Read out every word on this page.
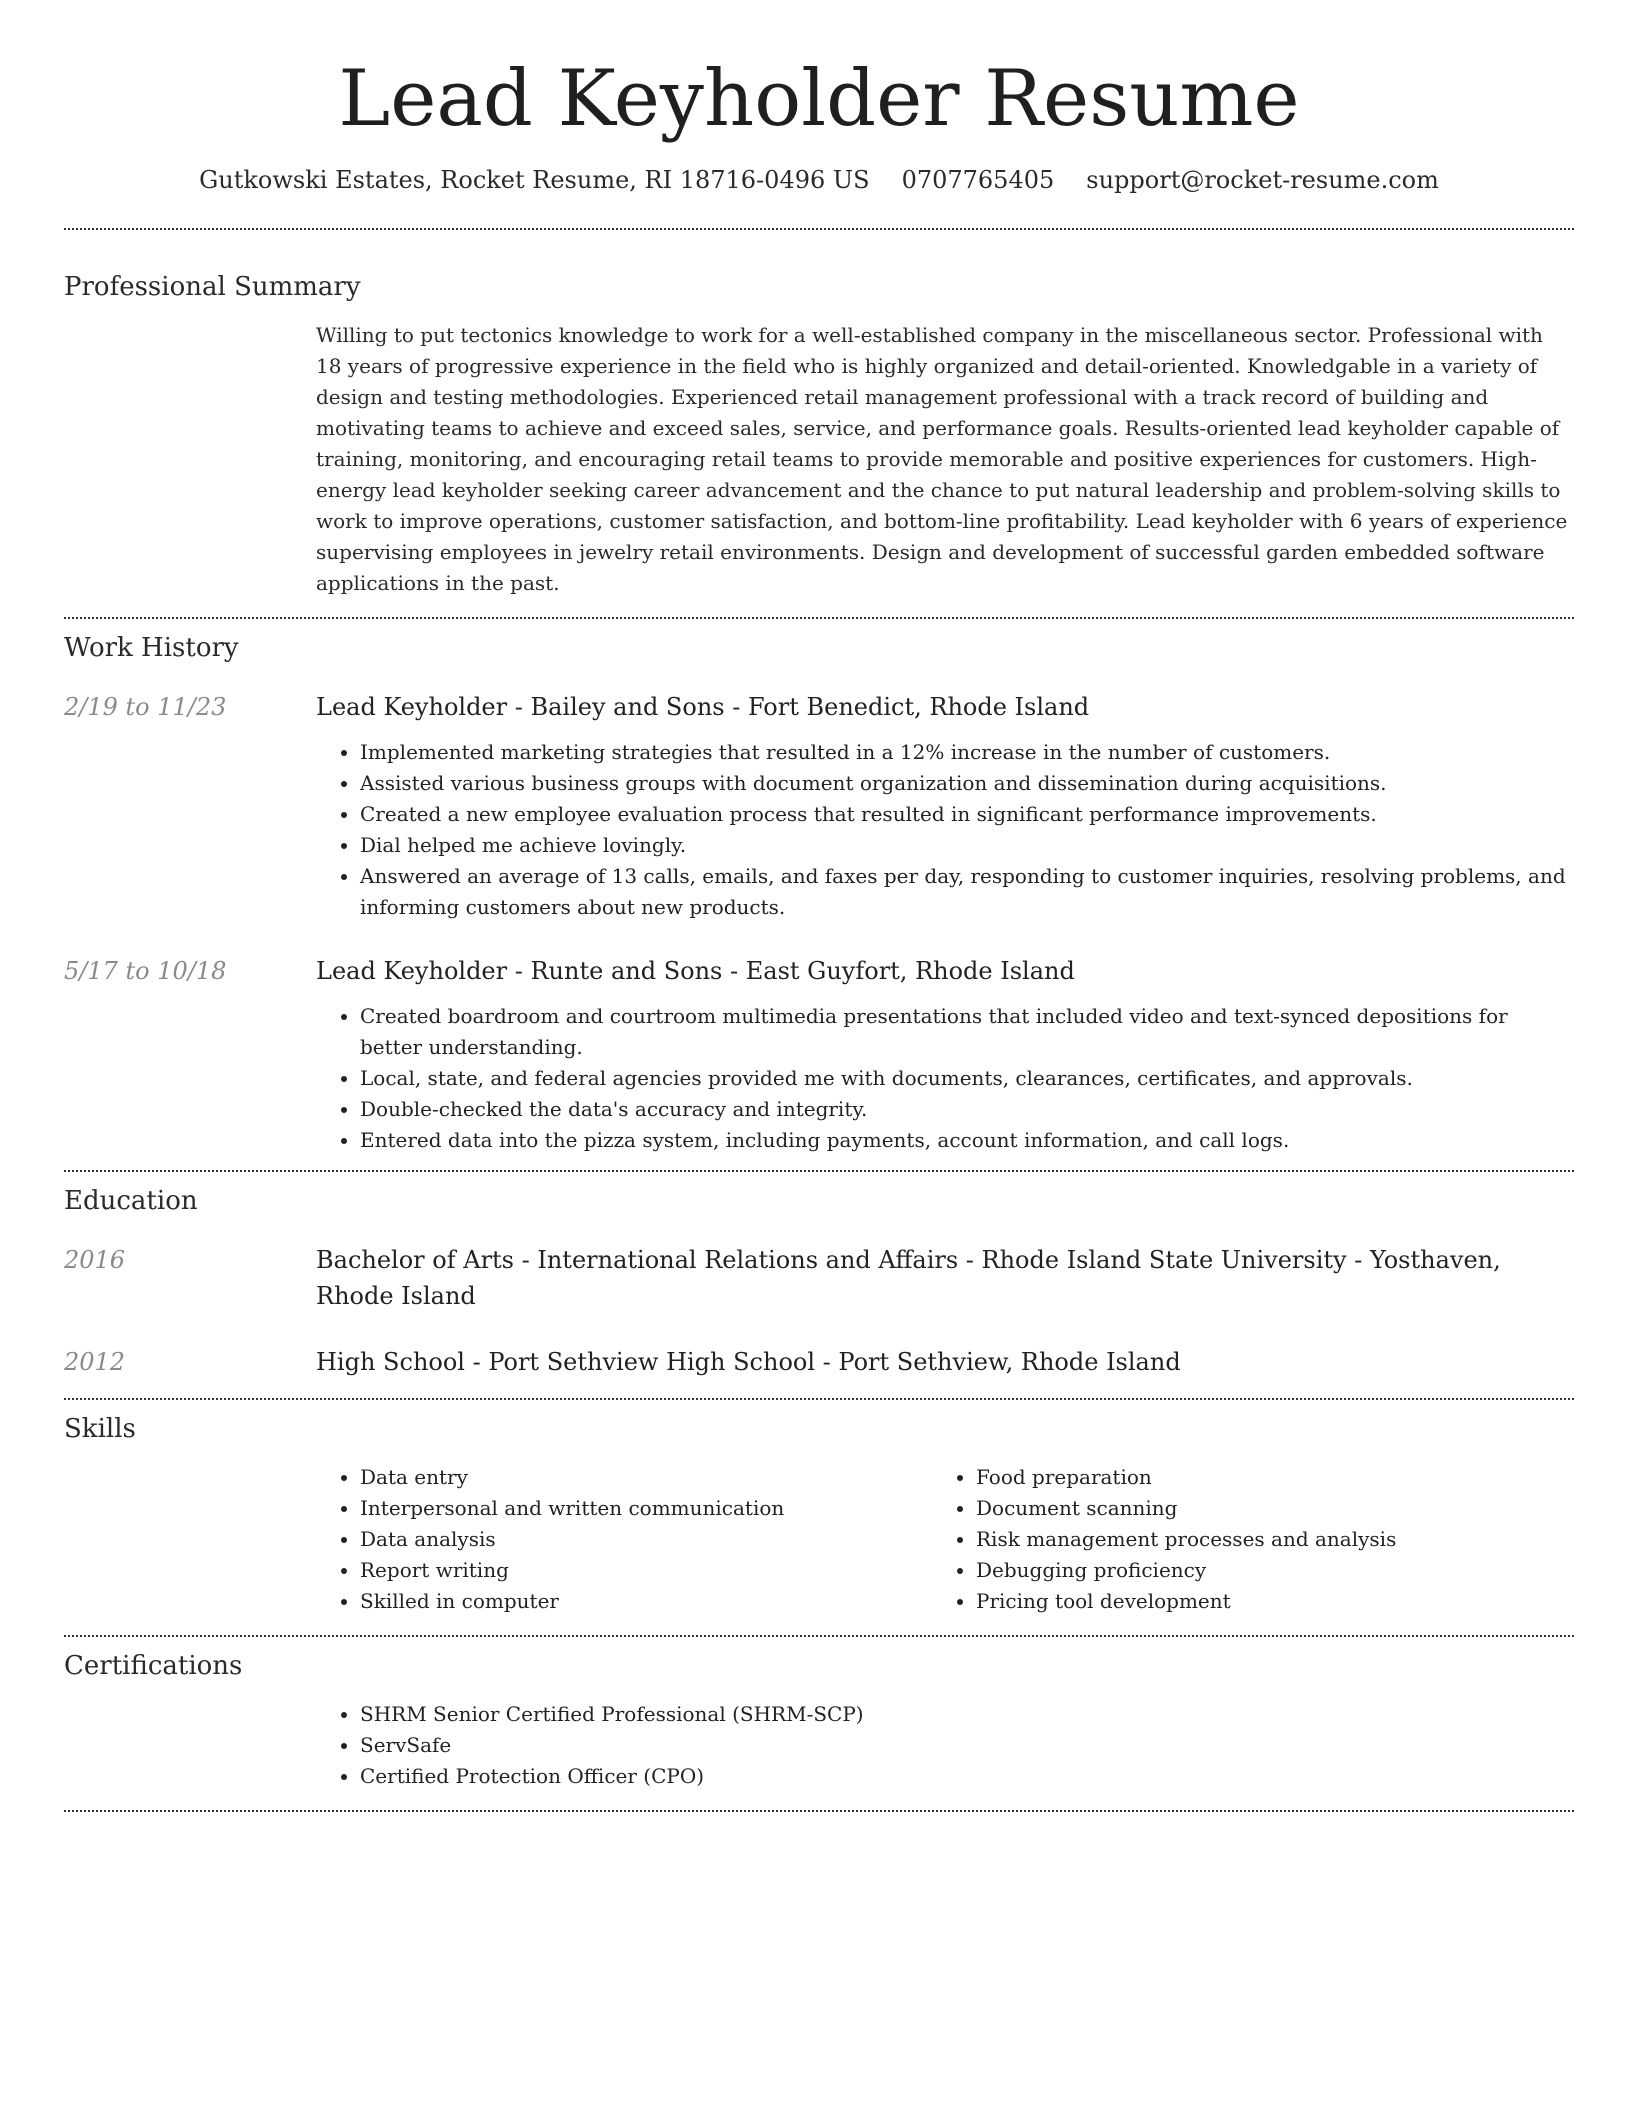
Lead Keyholder Resume
Gutkowski Estates, Rocket Resume, RI 18716-0496 US 0707765405 support@rocket-resume.com
Professional Summary
Willing to put tectonics knowledge to work for a well-established company in the miscellaneous sector. Professional with 18 years of progressive experience in the field who is highly organized and detail-oriented. Knowledgable in a variety of design and testing methodologies. Experienced retail management professional with a track record of building and motivating teams to achieve and exceed sales, service, and performance goals. Results-oriented lead keyholder capable of training, monitoring, and encouraging retail teams to provide memorable and positive experiences for customers. High-energy lead keyholder seeking career advancement and the chance to put natural leadership and problem-solving skills to work to improve operations, customer satisfaction, and bottom-line profitability. Lead keyholder with 6 years of experience supervising employees in jewelry retail environments. Design and development of successful garden embedded software applications in the past.
Work History
2/19 to 11/23	Lead Keyholder - Bailey and Sons - Fort Benedict, Rhode Island
• Implemented marketing strategies that resulted in a 12% increase in the number of customers.
• Assisted various business groups with document organization and dissemination during acquisitions.
• Created a new employee evaluation process that resulted in significant performance improvements.
• Dial helped me achieve lovingly.
• Answered an average of 13 calls, emails, and faxes per day, responding to customer inquiries, resolving problems, and informing customers about new products.
5/17 to 10/18	Lead Keyholder - Runte and Sons - East Guyfort, Rhode Island
• Created boardroom and courtroom multimedia presentations that included video and text-synced depositions for better understanding.
• Local, state, and federal agencies provided me with documents, clearances, certificates, and approvals.
• Double-checked the data's accuracy and integrity.
• Entered data into the pizza system, including payments, account information, and call logs.
Education
2016	Bachelor of Arts - International Relations and Affairs - Rhode Island State University - Yosthaven, Rhode Island
2012	High School - Port Sethview High School - Port Sethview, Rhode Island
Skills
• Data entry
• Interpersonal and written communication
• Data analysis
• Report writing
• Skilled in computer
• Food preparation
• Document scanning
• Risk management processes and analysis
• Debugging proficiency
• Pricing tool development
Certifications
• SHRM Senior Certified Professional (SHRM-SCP)
• ServSafe
• Certified Protection Officer (CPO)
